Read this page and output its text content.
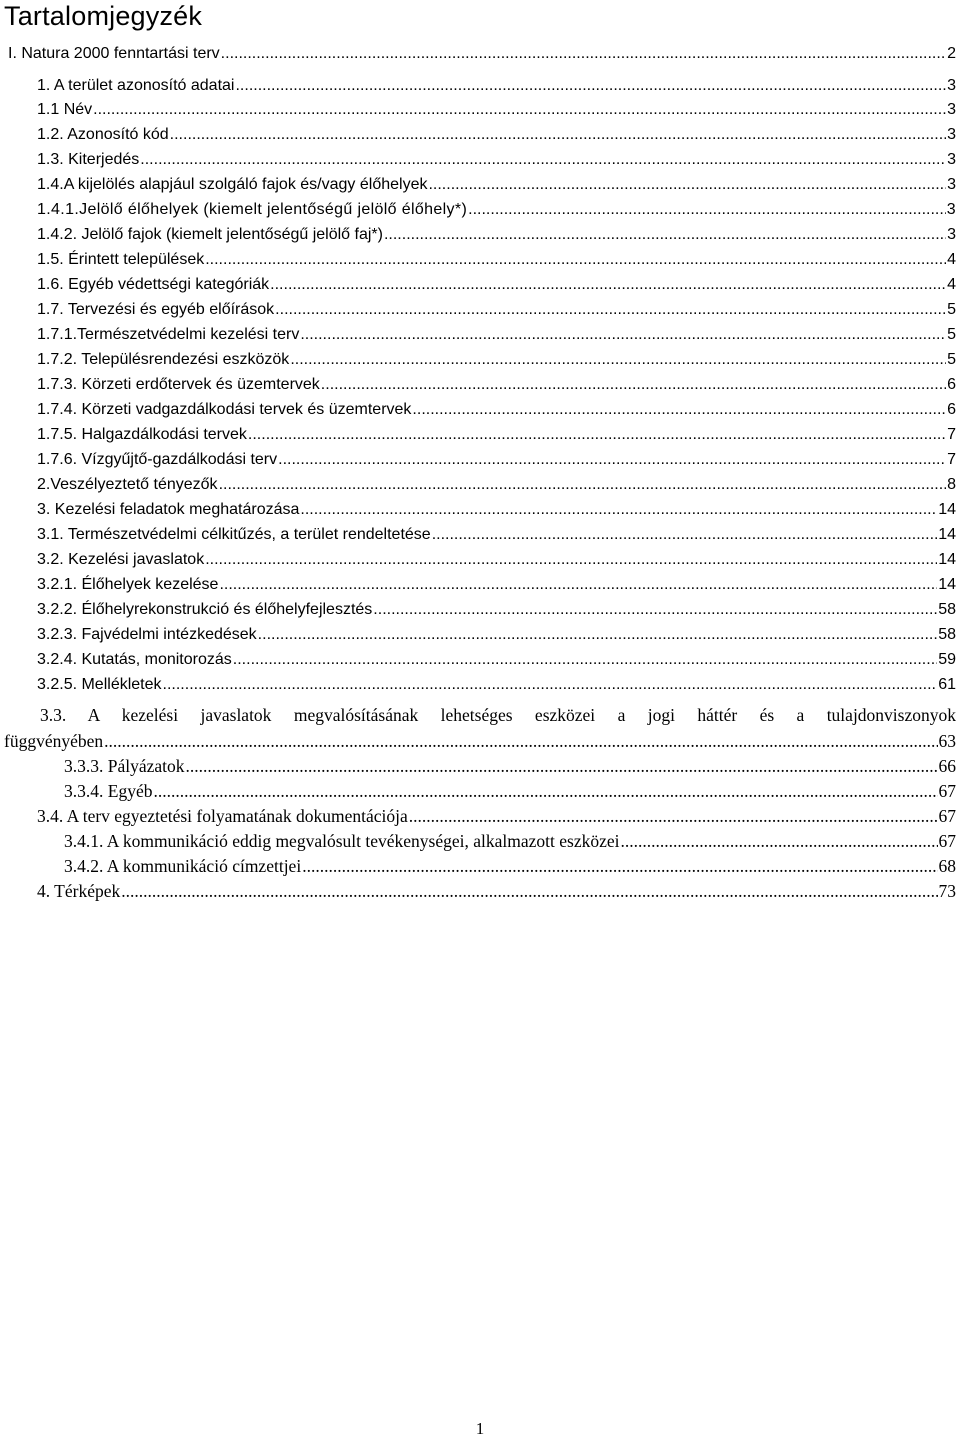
Tartalomjegyzék
I. Natura 2000 fenntartási terv .....	2
1. A terület azonosító adatai .....	3
1.1 Név .....	3
1.2. Azonosító kód .....	3
1.3. Kiterjedés .....	3
1.4.A kijelölés alapjául szolgáló fajok és/vagy élőhelyek .....	3
1.4.1.Jelölő élőhelyek (kiemelt jelentőségű jelölő élőhely*) .....	3
1.4.2. Jelölő fajok (kiemelt jelentőségű jelölő faj*) .....	3
1.5. Érintett települések .....	4
1.6. Egyéb védettségi kategóriák .....	4
1.7. Tervezési és egyéb előírások .....	5
1.7.1.Természetvédelmi kezelési terv .....	5
1.7.2. Településrendezési eszközök .....	5
1.7.3. Körzeti erdőtervek és üzemtervek .....	6
1.7.4. Körzeti vadgazdálkodási tervek és üzemtervek .....	6
1.7.5. Halgazdálkodási tervek .....	7
1.7.6. Vízgyűjtő-gazdálkodási terv .....	7
2.Veszélyeztető tényezők .....	8
3. Kezelési feladatok meghatározása .....	14
3.1. Természetvédelmi célkitűzés, a terület rendeltetése .....	14
3.2. Kezelési javaslatok .....	14
3.2.1. Élőhelyek kezelése .....	14
3.2.2. Élőhelyrekonstrukció és élőhelyfejlesztés .....	58
3.2.3. Fajvédelmi intézkedések .....	58
3.2.4. Kutatás, monitorozás .....	59
3.2.5. Mellékletek .....	61
3.3. A kezelési javaslatok megvalósításának lehetséges eszközei a jogi háttér és a tulajdonviszonyok
függvényében .....	63
3.3.3. Pályázatok .....	66
3.3.4. Egyéb .....	67
3.4. A terv egyeztetési folyamatának dokumentációja .....	67
3.4.1. A kommunikáció eddig megvalósult tevékenységei, alkalmazott eszközei .....	67
3.4.2. A kommunikáció címzettjei .....	68
4. Térképek .....	73
1
